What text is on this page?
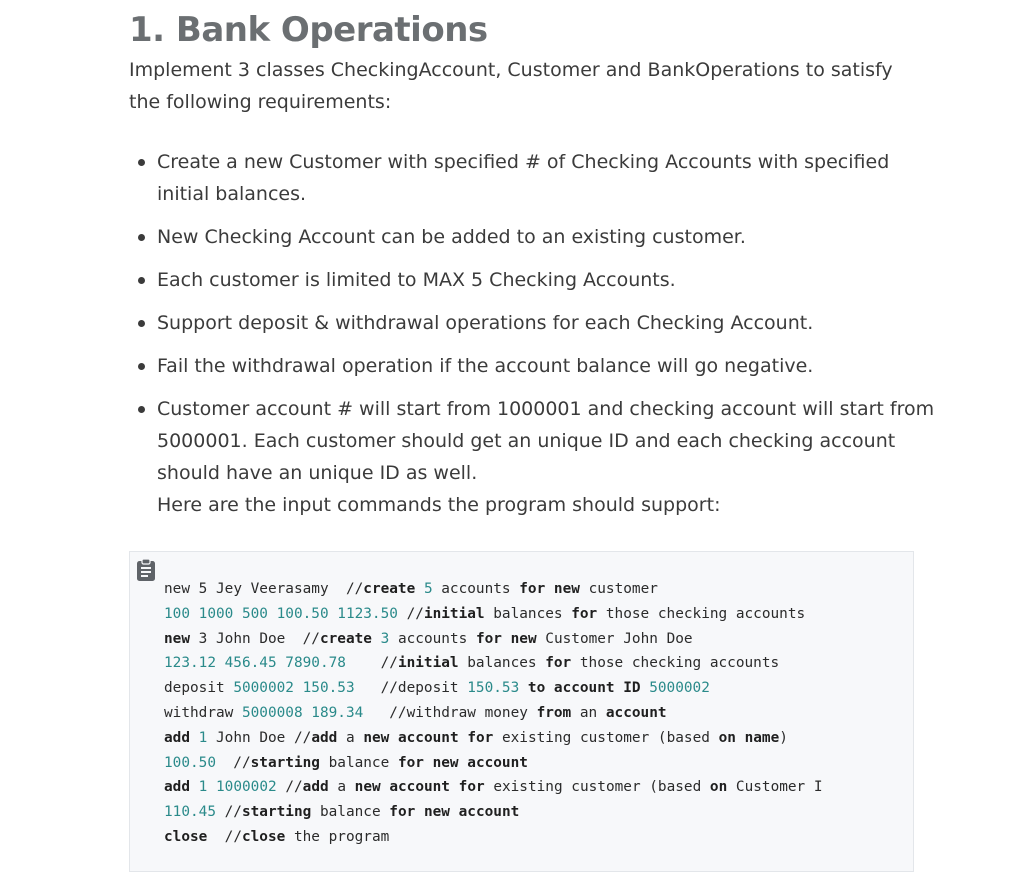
1. Bank Operations

Implement 3 classes CheckingAccount, Customer and BankOperations to satisfy the following requirements:

Create a new Customer with specified # of Checking Accounts with specified initial balances.
New Checking Account can be added to an existing customer.
Each customer is limited to MAX 5 Checking Accounts.
Support deposit & withdrawal operations for each Checking Account.
Fail the withdrawal operation if the account balance will go negative.
Customer account # will start from 1000001 and checking account will start from 5000001. Each customer should get an unique ID and each checking account should have an unique ID as well.
Here are the input commands the program should support:
new 5 Jey Veerasamy  //create 5 accounts for new customer
100 1000 500 100.50 1123.50 //initial balances for those checking accounts
new 3 John Doe  //create 3 accounts for new Customer John Doe
123.12 456.45 7890.78    //initial balances for those checking accounts
deposit 5000002 150.53   //deposit 150.53 to account ID 5000002
withdraw 5000008 189.34   //withdraw money from an account
add 1 John Doe //add a new account for existing customer (based on name)
100.50  //starting balance for new account
add 1 1000002 //add a new account for existing customer (based on Customer I
110.45 //starting balance for new account
close  //close the program
